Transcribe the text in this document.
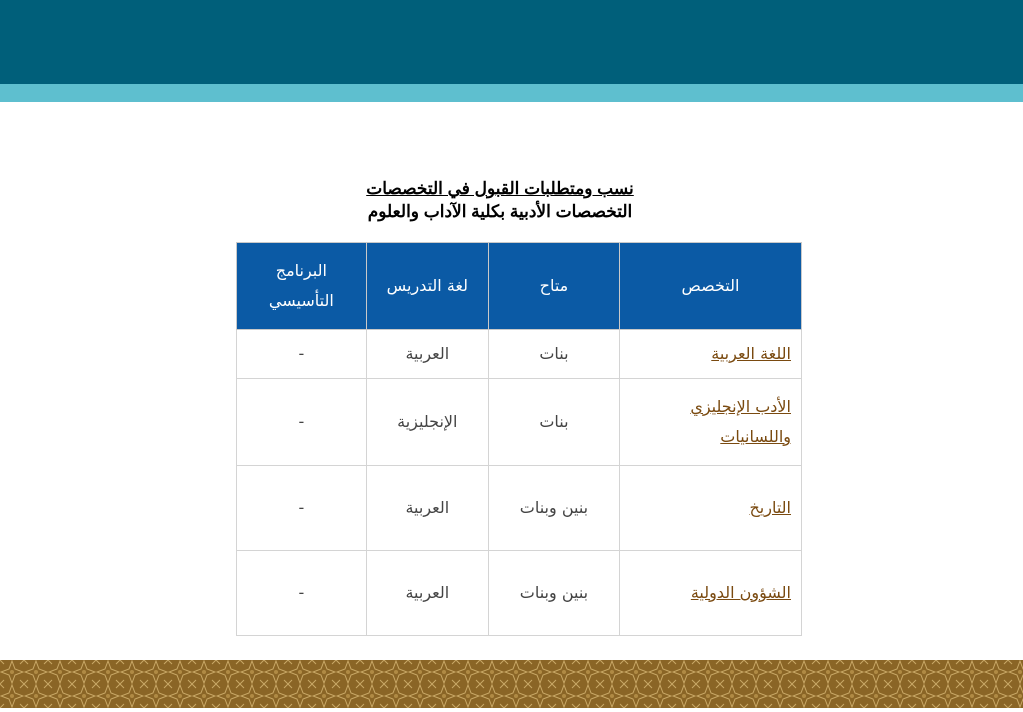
نسب ومتطلبات القبول في التخصصات
التخصصات الأدبية بكلية الآداب والعلوم
التخصص	متاح	لغة التدريس	البرنامج التأسيسي
اللغة العربية	بنات	العربية	-
الأدب الإنجليزي واللسانيات	بنات	الإنجليزية	-
التاريخ	بنين وبنات	العربية	-
الشؤون الدولية	بنين وبنات	العربية	-
